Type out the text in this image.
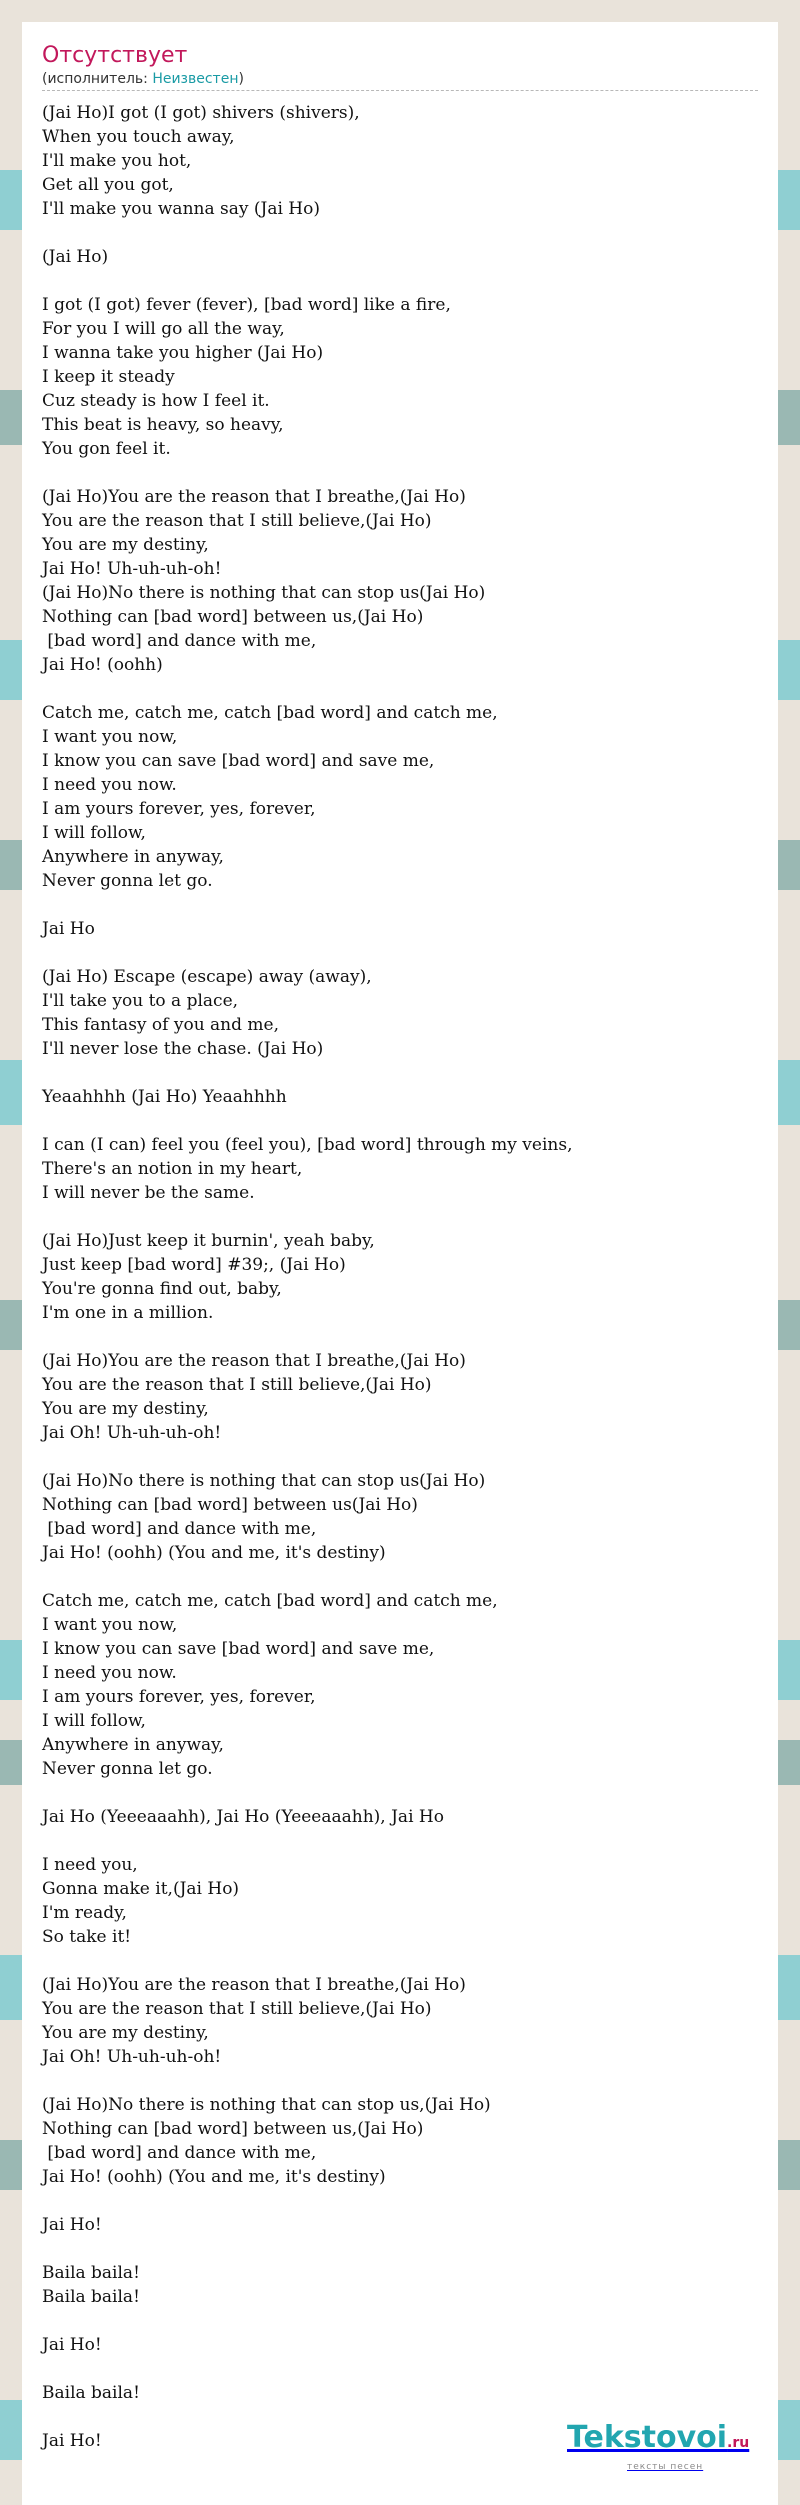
Отсутствует
(исполнитель: Неизвестен)
(Jai Ho)I got (I got) shivers (shivers),
When you touch away,
I'll make you hot,
Get all you got,
I'll make you wanna say (Jai Ho)

(Jai Ho)

I got (I got) fever (fever), [bad word] like a fire,
For you I will go all the way,
I wanna take you higher (Jai Ho)
I keep it steady
Cuz steady is how I feel it.
This beat is heavy, so heavy,
You gon feel it.

(Jai Ho)You are the reason that I breathe,(Jai Ho)
You are the reason that I still believe,(Jai Ho)
You are my destiny,
Jai Ho! Uh-uh-uh-oh!
(Jai Ho)No there is nothing that can stop us(Jai Ho)
Nothing can [bad word] between us,(Jai Ho)
[bad word] and dance with me,
Jai Ho! (oohh)

Catch me, catch me, catch [bad word] and catch me,
I want you now,
I know you can save [bad word] and save me,
I need you now.
I am yours forever, yes, forever,
I will follow,
Anywhere in anyway,
Never gonna let go.

Jai Ho

(Jai Ho) Escape (escape) away (away),
I'll take you to a place,
This fantasy of you and me,
I'll never lose the chase. (Jai Ho)

Yeaahhhh (Jai Ho) Yeaahhhh

I can (I can) feel you (feel you), [bad word] through my veins,
There's an notion in my heart,
I will never be the same.

(Jai Ho)Just keep it burnin', yeah baby,
Just keep [bad word] #39;, (Jai Ho)
You're gonna find out, baby,
I'm one in a million.

(Jai Ho)You are the reason that I breathe,(Jai Ho)
You are the reason that I still believe,(Jai Ho)
You are my destiny,
Jai Oh! Uh-uh-uh-oh!

(Jai Ho)No there is nothing that can stop us(Jai Ho)
Nothing can [bad word] between us(Jai Ho)
[bad word] and dance with me,
Jai Ho! (oohh) (You and me, it's destiny)

Catch me, catch me, catch [bad word] and catch me,
I want you now,
I know you can save [bad word] and save me,
I need you now.
I am yours forever, yes, forever,
I will follow,
Anywhere in anyway,
Never gonna let go.

Jai Ho (Yeeeaaahh), Jai Ho (Yeeeaaahh), Jai Ho

I need you,
Gonna make it,(Jai Ho)
I'm ready,
So take it!

(Jai Ho)You are the reason that I breathe,(Jai Ho)
You are the reason that I still believe,(Jai Ho)
You are my destiny,
Jai Oh! Uh-uh-uh-oh!

(Jai Ho)No there is nothing that can stop us,(Jai Ho)
Nothing can [bad word] between us,(Jai Ho)
[bad word] and dance with me,
Jai Ho! (oohh) (You and me, it's destiny)

Jai Ho!

Baila baila!
Baila baila!

Jai Ho!

Baila baila!

Jai Ho!	Tekstovoi.ru
тексты песен
